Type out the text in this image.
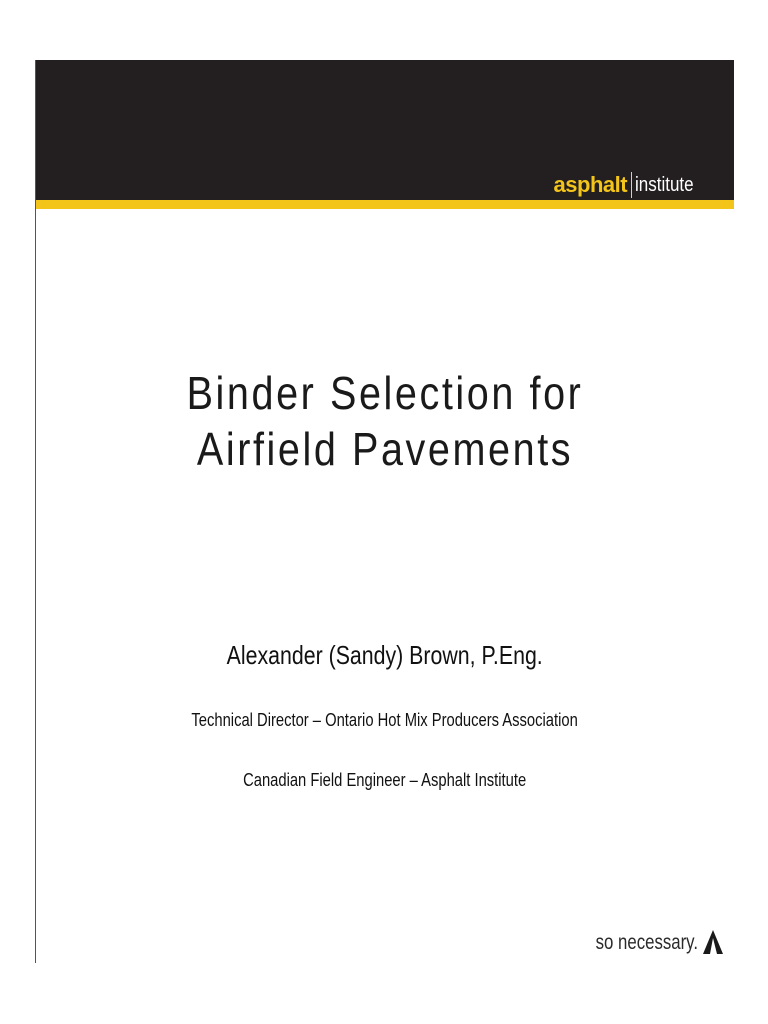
asphalt institute
Binder Selection for
Airfield Pavements
Alexander (Sandy) Brown, P.Eng.
Technical Director – Ontario Hot Mix Producers Association
Canadian Field Engineer – Asphalt Institute
so necessary.
